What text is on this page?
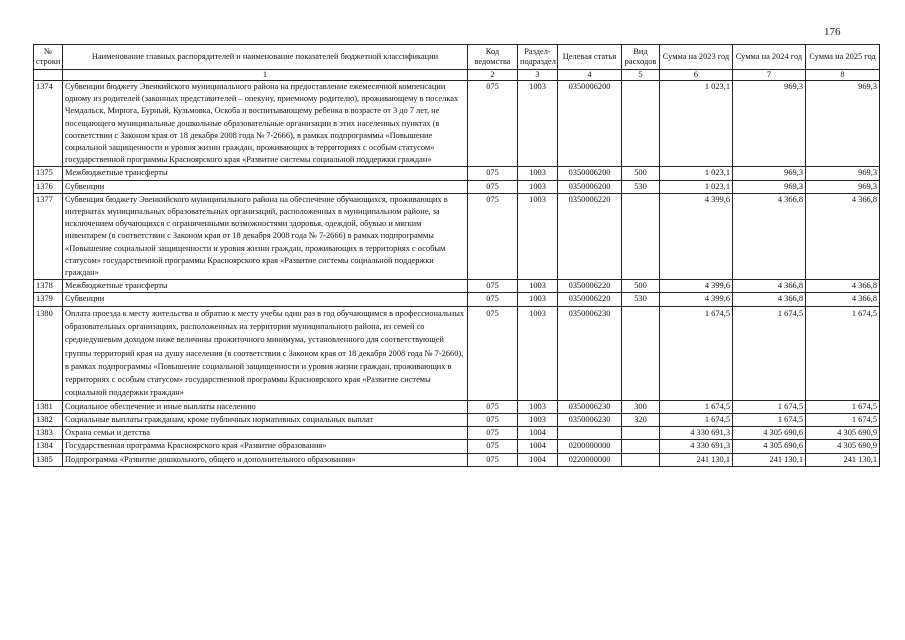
176
№ строки	Наименование главных распорядителей и наименование показателей бюджетной классификации	Код ведомства	Раздел-подраздел	Целевая статья	Вид расходов	Сумма на 2023 год	Сумма на 2024 год	Сумма на 2025 год
	1	2	3	4	5	6	7	8
1374	Субвенции бюджету Эвенкийского муниципального района на предоставление ежемесячной компенсации одному из родителей (законных представителей – опекуну, приемному родителю), проживающему в поселках Чемдальск, Мирюга, Бурный, Кузьмовка, Оскоба и воспитывающему ребенка в возрасте от 3 до 7 лет, не посещающего муниципальные дошкольные образовательные организации в этих населенных пунктах (в соответствии с Законом края от 18 декабря 2008 года № 7-2666), в рамках подпрограммы «Повышение социальной защищенности и уровня жизни граждан, проживающих в территориях с особым статусом» государственной программы Красноярского края «Развитие системы социальной поддержки граждан»	075	1003	0350006200		1 023,1	969,3	969,3
1375	Межбюджетные трансферты	075	1003	0350006200	500	1 023,1	969,3	969,3
1376	Субвенции	075	1003	0350006200	530	1 023,1	969,3	969,3
1377	Субвенция бюджету Эвенкийского муниципального района на обеспечение обучающихся, проживающих в интернатах муниципальных образовательных организаций, расположенных в муниципальном районе, за исключением обучающихся с ограниченными возможностями здоровья, одеждой, обувью и мягким инвентарем (в соответствии с Законом края от 18 декабря 2008 года № 7-2666) в рамках подпрограммы «Повышение социальной защищенности и уровня жизни граждан, проживающих в территориях с особым статусом» государственной программы Красноярского края «Развитие системы социальной поддержки граждан»	075	1003	0350006220		4 399,6	4 366,8	4 366,8
1378	Межбюджетные трансферты	075	1003	0350006220	500	4 399,6	4 366,8	4 366,8
1379	Субвенции	075	1003	0350006220	530	4 399,6	4 366,8	4 366,8
1380	Оплата проезда к месту жительства и обратно к месту учебы один раз в год обучающимся в профессиональных образовательных организациях, расположенных на территории муниципального района, из семей со среднедушевым доходом ниже величины прожиточного минимума, установленного для соответствующей группы территорий края на душу населения (в соответствии с Законом края от 18 декабря 2008 года № 7-2660), в рамках подпрограммы «Повышение социальной защищенности и уровня жизни граждан, проживающих в территориях с особым статусом» государственной программы Красноярского края «Развитие системы социальной поддержки граждан»	075	1003	0350006230		1 674,5	1 674,5	1 674,5
1381	Социальное обеспечение и иные выплаты населению	075	1003	0350006230	300	1 674,5	1 674,5	1 674,5
1382	Социальные выплаты гражданам, кроме публичных нормативных социальных выплат	075	1003	0350006230	320	1 674,5	1 674,5	1 674,5
1383	Охрана семьи и детства	075	1004			4 330 691,3	4 305 690,6	4 305 690,9
1384	Государственная программа Красноярского края «Развитие образования»	075	1004	0200000000		4 330 691,3	4 305 690,6	4 305 690,9
1385	Подпрограмма «Развитие дошкольного, общего и дополнительного образования»	075	1004	0220000000		241 130,1	241 130,1	241 130,1
